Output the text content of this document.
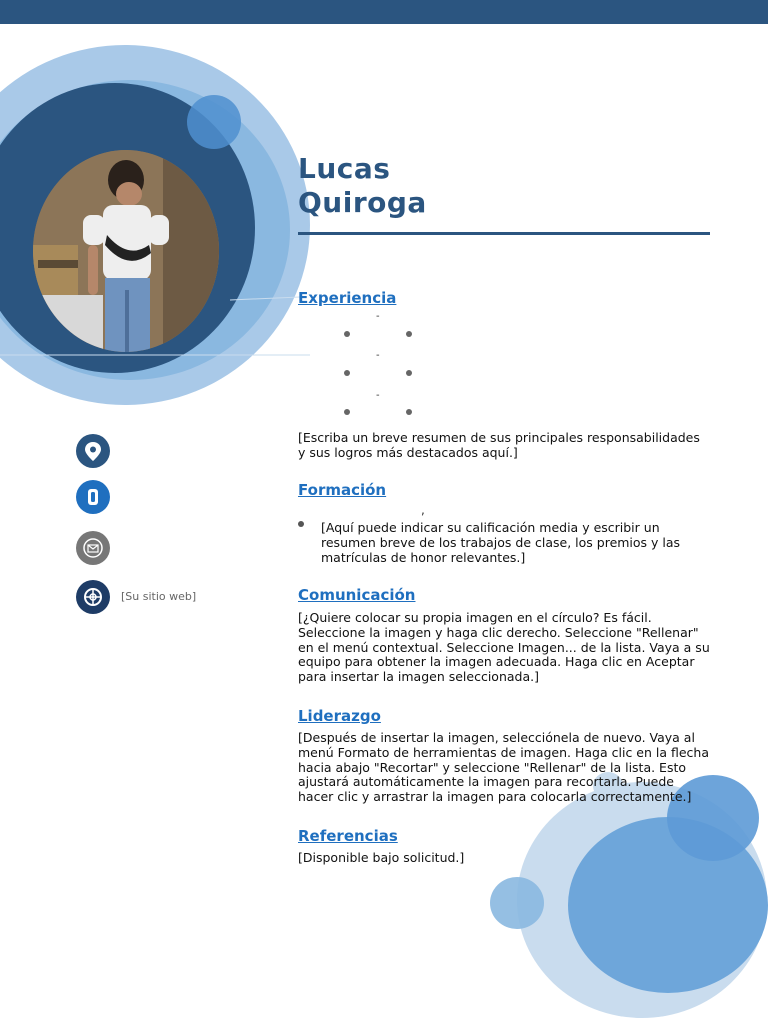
Lucas
Quiroga
Experiencia
-
-
-
[Escriba un breve resumen de sus principales responsabilidades y sus logros más destacados aquí.]
Formación
,
[Aquí puede indicar su calificación media y escribir un resumen breve de los trabajos de clase, los premios y las matrículas de honor relevantes.]
Comunicación
[¿Quiere colocar su propia imagen en el círculo? Es fácil. Seleccione la imagen y haga clic derecho. Seleccione "Rellenar" en el menú contextual. Seleccione Imagen... de la lista. Vaya a su equipo para obtener la imagen adecuada. Haga clic en Aceptar para insertar la imagen seleccionada.]
Liderazgo
[Después de insertar la imagen, selecciónela de nuevo. Vaya al menú Formato de herramientas de imagen. Haga clic en la flecha hacia abajo "Recortar" y seleccione "Rellenar" de la lista. Esto ajustará automáticamente la imagen para recortarla. Puede hacer clic y arrastrar la imagen para colocarla correctamente.]
Referencias
[Disponible bajo solicitud.]
[Su sitio web]
